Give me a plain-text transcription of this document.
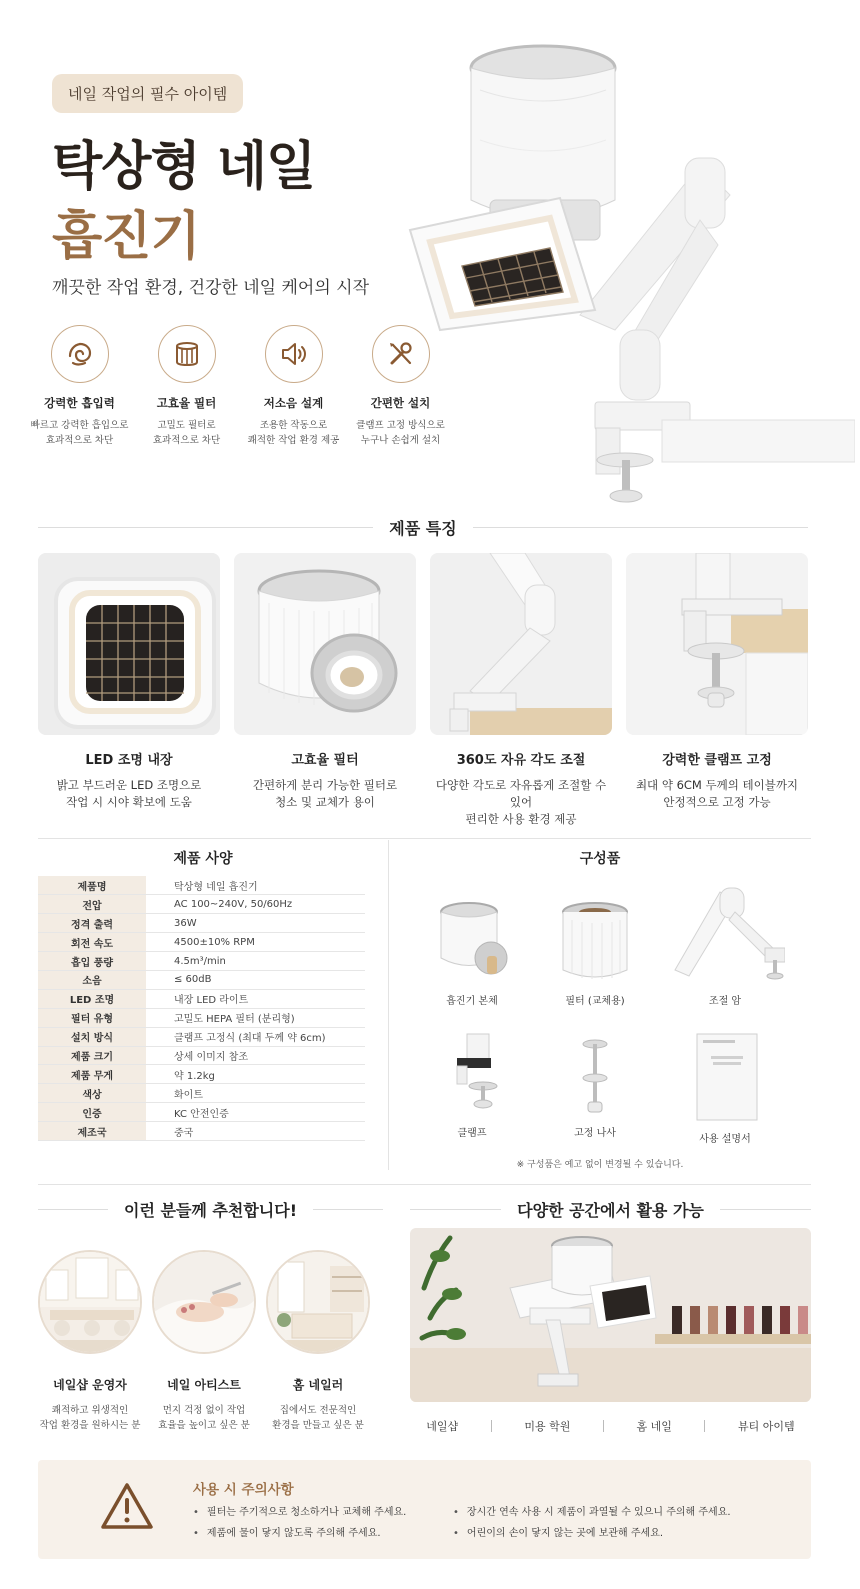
네일 작업의 필수 아이템
탁상형 네일
흡진기
깨끗한 작업 환경, 건강한 네일 케어의 시작
강력한 흡입력
빠르고 강력한 흡입으로
효과적으로 차단
고효율 필터
고밀도 필터로
효과적으로 차단
저소음 설계
조용한 작동으로
쾌적한 작업 환경 제공
간편한 설치
클램프 고정 방식으로
누구나 손쉽게 설치
제품 특징
LED 조명 내장
밝고 부드러운 LED 조명으로
작업 시 시야 확보에 도움
고효율 필터
간편하게 분리 가능한 필터로
청소 및 교체가 용이
360도 자유 각도 조절
다양한 각도로 자유롭게 조절할 수 있어
편리한 사용 환경 제공
강력한 클램프 고정
최대 약 6CM 두께의 테이블까지
안정적으로 고정 가능
제품 사양
제품명	탁상형 네일 흡진기
전압	AC 100~240V, 50/60Hz
정격 출력	36W
회전 속도	4500±10% RPM
흡입 풍량	4.5m³/min
소음	≤ 60dB
LED 조명	내장 LED 라이트
필터 유형	고밀도 HEPA 필터 (분리형)
설치 방식	클램프 고정식 (최대 두께 약 6cm)
제품 크기	상세 이미지 참조
제품 무게	약 1.2kg
색상	화이트
인증	KC 안전인증
제조국	중국
구성품
흡진기 본체	필터 (교체용)	조절 암
클램프	고정 나사
사용 설명서
※ 구성품은 예고 없이 변경될 수 있습니다.
이런 분들께 추천합니다!
네일샵 운영자
쾌적하고 위생적인
작업 환경을 원하시는 분
네일 아티스트
먼지 걱정 없이 작업
효율을 높이고 싶은 분
홈 네일러
집에서도 전문적인
환경을 만들고 싶은 분
다양한 공간에서 활용 가능
네일샵	미용 학원	홈 네일	뷰티 아이템
사용 시 주의사항
• 필터는 주기적으로 청소하거나 교체해 주세요.
• 제품에 물이 닿지 않도록 주의해 주세요.
• 장시간 연속 사용 시 제품이 과열될 수 있으니 주의해 주세요.
• 어린이의 손이 닿지 않는 곳에 보관해 주세요.
